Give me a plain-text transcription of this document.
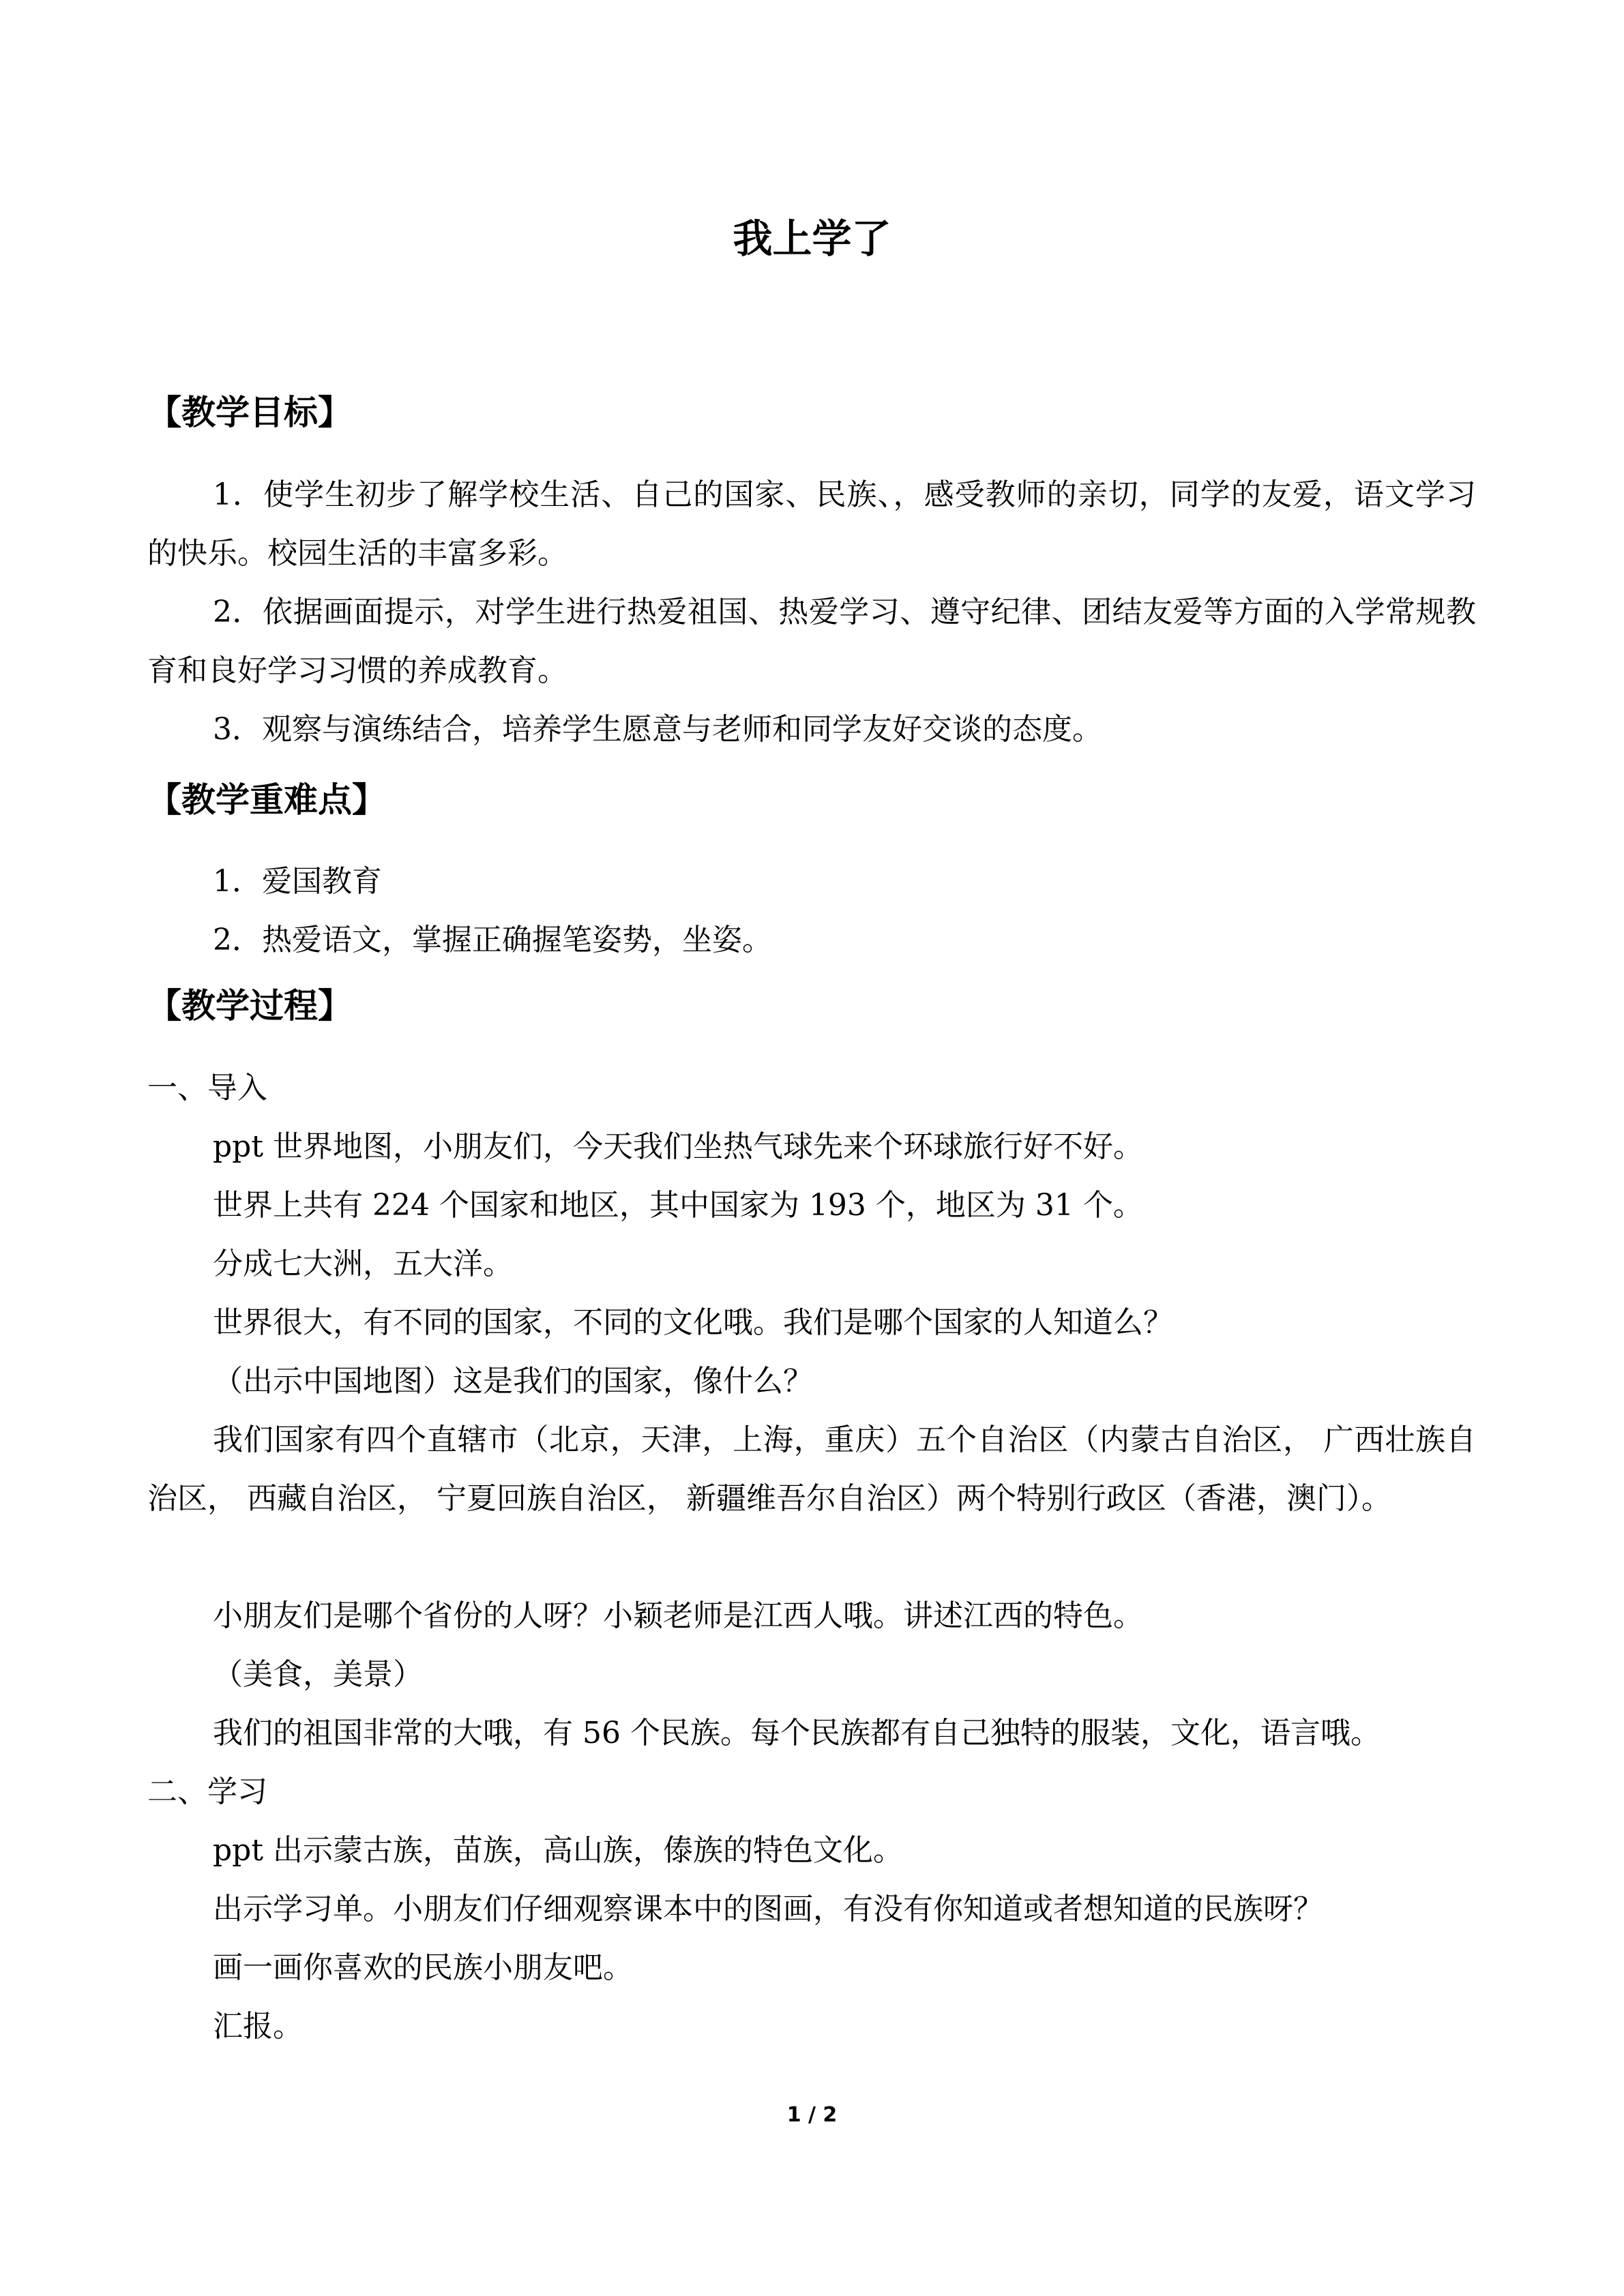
我上学了
【教学目标】

1．使学生初步了解学校生活、自己的国家、民族、，感受教师的亲切，同学的友爱，语文学习的快乐。校园生活的丰富多彩。

2．依据画面提示，对学生进行热爱祖国、热爱学习、遵守纪律、团结友爱等方面的入学常规教育和良好学习习惯的养成教育。

3．观察与演练结合，培养学生愿意与老师和同学友好交谈的态度。

【教学重难点】

1．爱国教育

2．热爱语文，掌握正确握笔姿势，坐姿。

【教学过程】

一、导入

ppt 世界地图，小朋友们，今天我们坐热气球先来个环球旅行好不好。

世界上共有 224 个国家和地区，其中国家为 193 个，地区为 31 个。

分成七大洲，五大洋。

世界很大，有不同的国家，不同的文化哦。我们是哪个国家的人知道么？

（出示中国地图）这是我们的国家，像什么？

我们国家有四个直辖市（北京，天津，上海，重庆）五个自治区（内蒙古自治区， 广西壮族自治区， 西藏自治区， 宁夏回族自治区， 新疆维吾尔自治区）两个特别行政区（香港，澳门）。

小朋友们是哪个省份的人呀？小颖老师是江西人哦。讲述江西的特色。

（美食，美景）

我们的祖国非常的大哦，有 56 个民族。每个民族都有自己独特的服装，文化，语言哦。

二、学习

ppt 出示蒙古族，苗族，高山族，傣族的特色文化。

出示学习单。小朋友们仔细观察课本中的图画，有没有你知道或者想知道的民族呀？

画一画你喜欢的民族小朋友吧。

汇报。

1 / 2
